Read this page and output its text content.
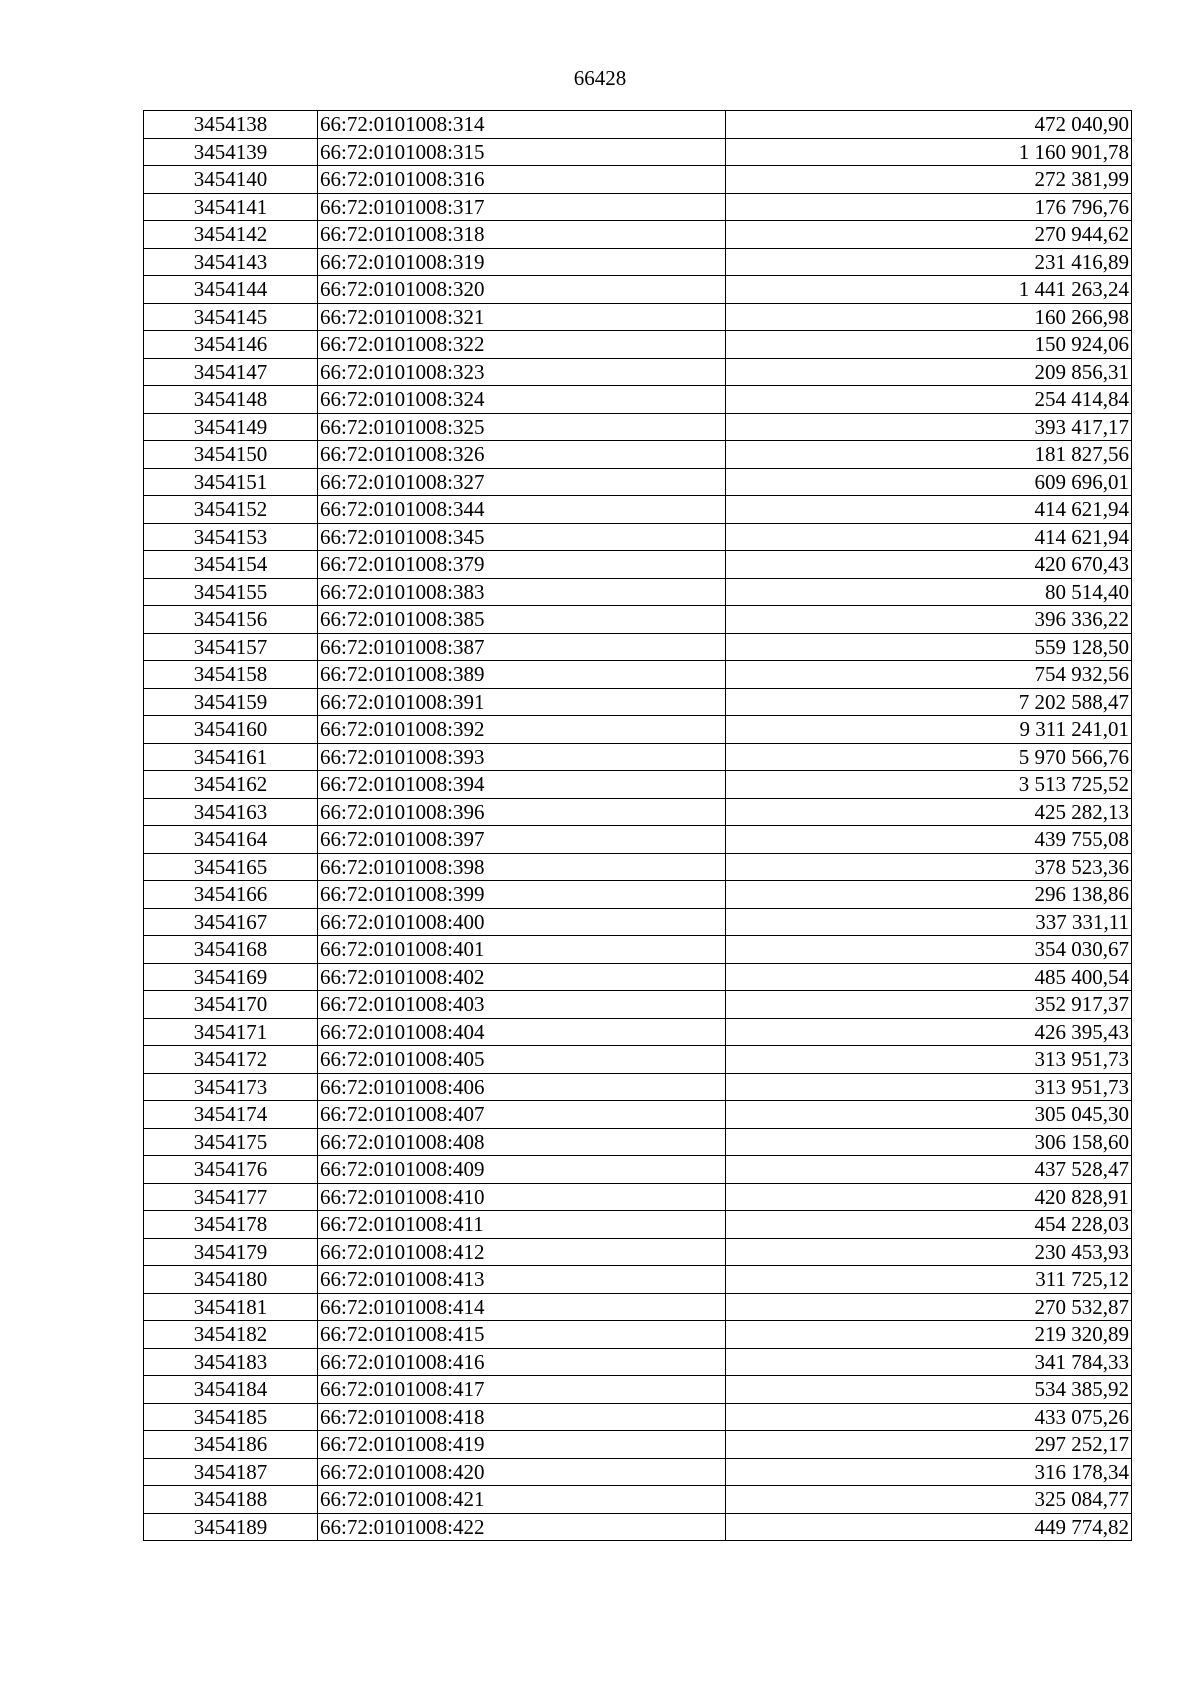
66428
3454138	66:72:0101008:314	472 040,90
3454139	66:72:0101008:315	1 160 901,78
3454140	66:72:0101008:316	272 381,99
3454141	66:72:0101008:317	176 796,76
3454142	66:72:0101008:318	270 944,62
3454143	66:72:0101008:319	231 416,89
3454144	66:72:0101008:320	1 441 263,24
3454145	66:72:0101008:321	160 266,98
3454146	66:72:0101008:322	150 924,06
3454147	66:72:0101008:323	209 856,31
3454148	66:72:0101008:324	254 414,84
3454149	66:72:0101008:325	393 417,17
3454150	66:72:0101008:326	181 827,56
3454151	66:72:0101008:327	609 696,01
3454152	66:72:0101008:344	414 621,94
3454153	66:72:0101008:345	414 621,94
3454154	66:72:0101008:379	420 670,43
3454155	66:72:0101008:383	80 514,40
3454156	66:72:0101008:385	396 336,22
3454157	66:72:0101008:387	559 128,50
3454158	66:72:0101008:389	754 932,56
3454159	66:72:0101008:391	7 202 588,47
3454160	66:72:0101008:392	9 311 241,01
3454161	66:72:0101008:393	5 970 566,76
3454162	66:72:0101008:394	3 513 725,52
3454163	66:72:0101008:396	425 282,13
3454164	66:72:0101008:397	439 755,08
3454165	66:72:0101008:398	378 523,36
3454166	66:72:0101008:399	296 138,86
3454167	66:72:0101008:400	337 331,11
3454168	66:72:0101008:401	354 030,67
3454169	66:72:0101008:402	485 400,54
3454170	66:72:0101008:403	352 917,37
3454171	66:72:0101008:404	426 395,43
3454172	66:72:0101008:405	313 951,73
3454173	66:72:0101008:406	313 951,73
3454174	66:72:0101008:407	305 045,30
3454175	66:72:0101008:408	306 158,60
3454176	66:72:0101008:409	437 528,47
3454177	66:72:0101008:410	420 828,91
3454178	66:72:0101008:411	454 228,03
3454179	66:72:0101008:412	230 453,93
3454180	66:72:0101008:413	311 725,12
3454181	66:72:0101008:414	270 532,87
3454182	66:72:0101008:415	219 320,89
3454183	66:72:0101008:416	341 784,33
3454184	66:72:0101008:417	534 385,92
3454185	66:72:0101008:418	433 075,26
3454186	66:72:0101008:419	297 252,17
3454187	66:72:0101008:420	316 178,34
3454188	66:72:0101008:421	325 084,77
3454189	66:72:0101008:422	449 774,82
